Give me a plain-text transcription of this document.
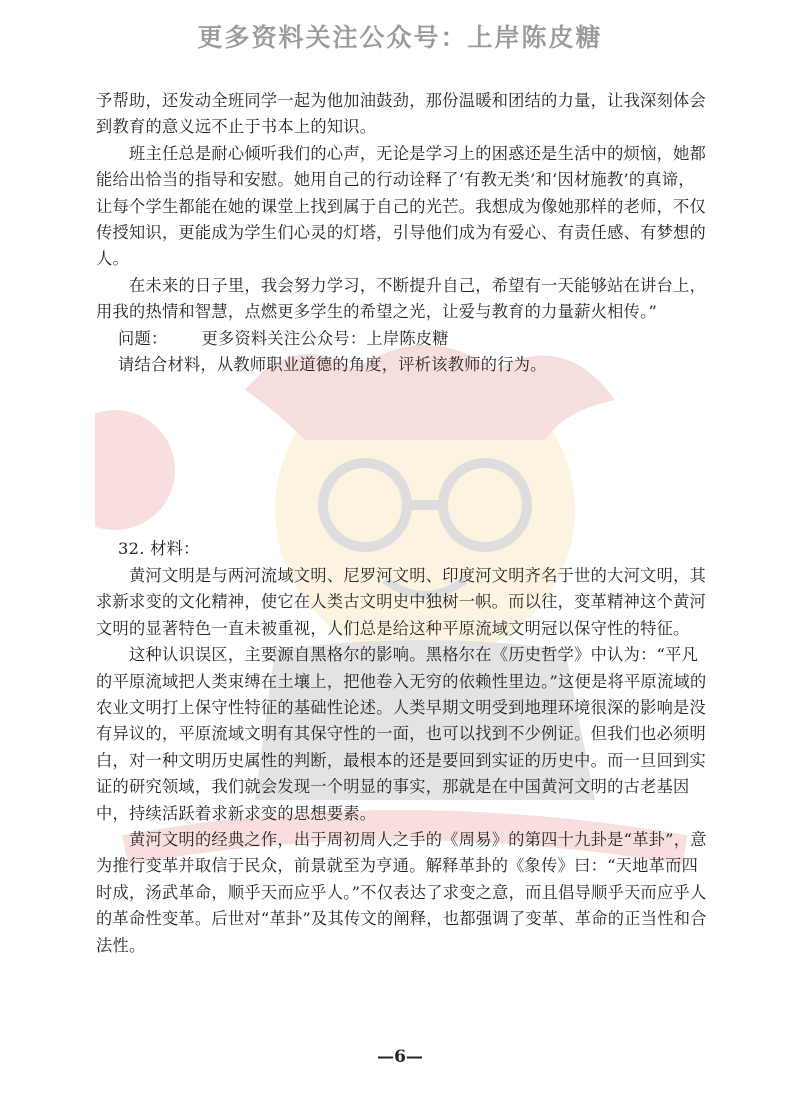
更多资料关注公众号：上岸陈皮糖

予帮助，还发动全班同学一起为他加油鼓劲，那份温暖和团结的力量，让我深刻体会到教育的意义远不止于书本上的知识。

班主任总是耐心倾听我们的心声，无论是学习上的困惑还是生活中的烦恼，她都能给出恰当的指导和安慰。她用自己的行动诠释了‘有教无类’和‘因材施教’的真谛，让每个学生都能在她的课堂上找到属于自己的光芒。我想成为像她那样的老师，不仅传授知识，更能成为学生们心灵的灯塔，引导他们成为有爱心、有责任感、有梦想的人。

在未来的日子里，我会努力学习，不断提升自己，希望有一天能够站在讲台上，用我的热情和智慧，点燃更多学生的希望之光，让爱与教育的力量薪火相传。”

问题： 更多资料关注公众号：上岸陈皮糖

请结合材料，从教师职业道德的角度，评析该教师的行为。

32. 材料：

黄河文明是与两河流域文明、尼罗河文明、印度河文明齐名于世的大河文明，其求新求变的文化精神，使它在人类古文明史中独树一帜。而以往，变革精神这个黄河文明的显著特色一直未被重视，人们总是给这种平原流域文明冠以保守性的特征。

这种认识误区，主要源自黑格尔的影响。黑格尔在《历史哲学》中认为：“平凡的平原流域把人类束缚在土壤上，把他卷入无穷的依赖性里边。”这便是将平原流域的农业文明打上保守性特征的基础性论述。人类早期文明受到地理环境很深的影响是没有异议的，平原流域文明有其保守性的一面，也可以找到不少例证。但我们也必须明白，对一种文明历史属性的判断，最根本的还是要回到实证的历史中。而一旦回到实证的研究领域，我们就会发现一个明显的事实，那就是在中国黄河文明的古老基因中，持续活跃着求新求变的思想要素。

黄河文明的经典之作，出于周初周人之手的《周易》的第四十九卦是“革卦”，意为推行变革并取信于民众，前景就至为亨通。解释革卦的《象传》曰：“天地革而四时成，汤武革命，顺乎天而应乎人。”不仅表达了求变之意，而且倡导顺乎天而应乎人的革命性变革。后世对“革卦”及其传文的阐释，也都强调了变革、革命的正当性和合法性。

—6—
